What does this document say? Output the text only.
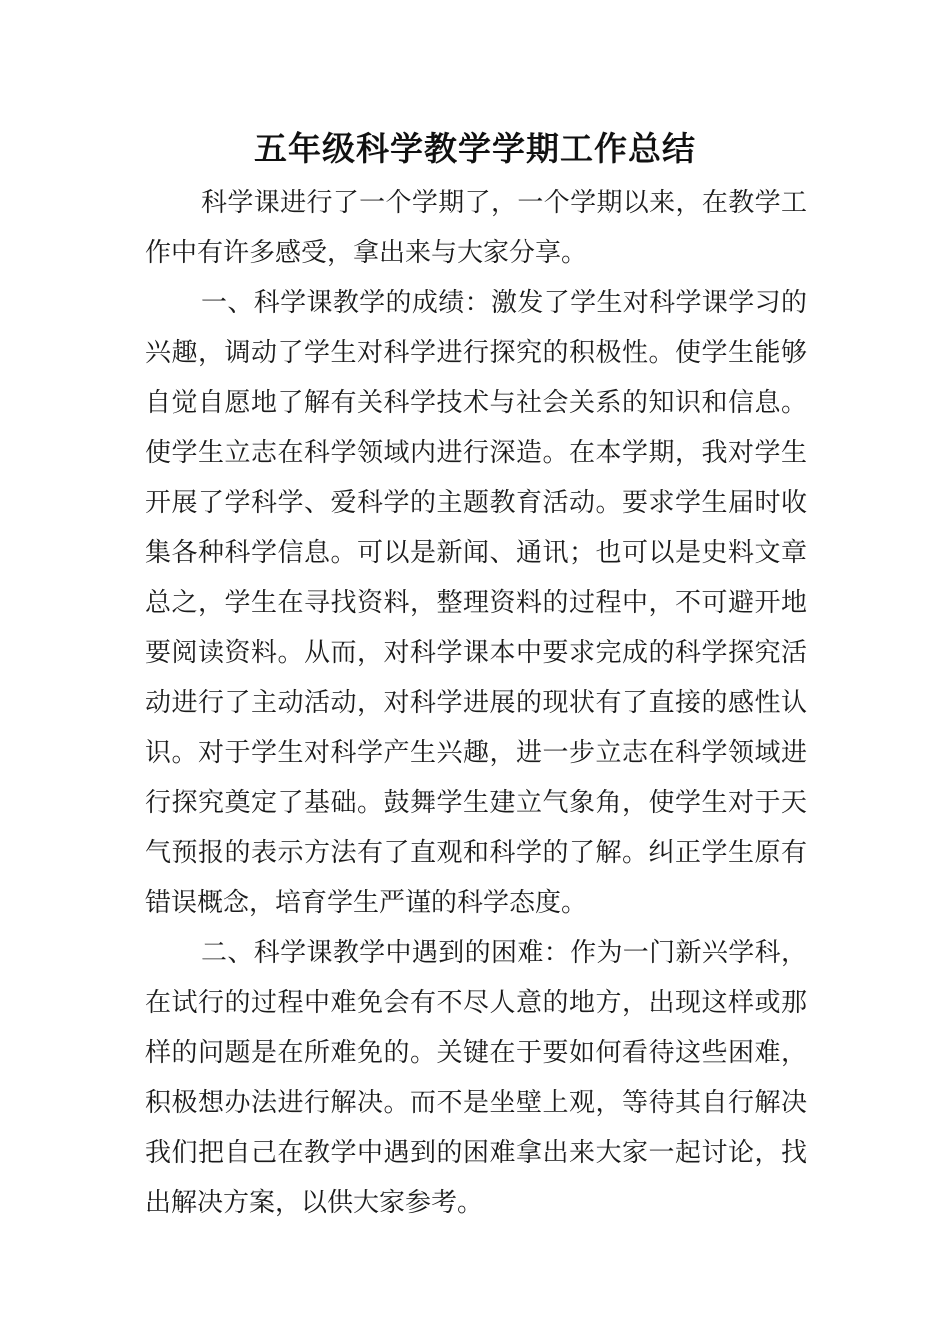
五年级科学教学学期工作总结

科学课进行了一个学期了，一个学期以来，在教学工
作中有许多感受，拿出来与大家分享。

一、科学课教学的成绩：激发了学生对科学课学习的
兴趣，调动了学生对科学进行探究的积极性。使学生能够
自觉自愿地了解有关科学技术与社会关系的知识和信息。
使学生立志在科学领域内进行深造。在本学期，我对学生
开展了学科学、爱科学的主题教育活动。要求学生届时收
集各种科学信息。可以是新闻、通讯；也可以是史料文章
总之，学生在寻找资料，整理资料的过程中，不可避开地
要阅读资料。从而，对科学课本中要求完成的科学探究活
动进行了主动活动，对科学进展的现状有了直接的感性认
识。对于学生对科学产生兴趣，进一步立志在科学领域进
行探究奠定了基础。鼓舞学生建立气象角，使学生对于天
气预报的表示方法有了直观和科学的了解。纠正学生原有
错误概念，培育学生严谨的科学态度。

二、科学课教学中遇到的困难：作为一门新兴学科，
在试行的过程中难免会有不尽人意的地方，出现这样或那
样的问题是在所难免的。关键在于要如何看待这些困难，
积极想办法进行解决。而不是坐壁上观，等待其自行解决
我们把自己在教学中遇到的困难拿出来大家一起讨论，找
出解决方案，以供大家参考。
